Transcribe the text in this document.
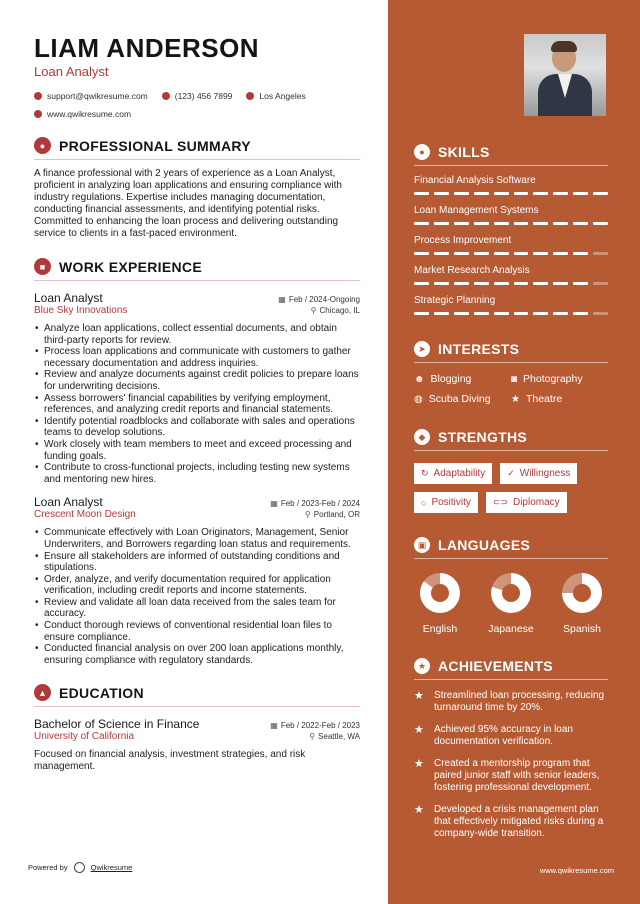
LIAM ANDERSON
Loan Analyst
support@qwikresume.com	(123) 456 7899	Los Angeles
www.qwikresume.com
● PROFESSIONAL SUMMARY

A finance professional with 2 years of experience as a Loan Analyst, proficient in analyzing loan applications and ensuring compliance with industry regulations. Expertise includes managing documentation, conducting financial assessments, and identifying potential risks. Committed to enhancing the loan process and delivering outstanding service to clients in a fast-paced environment.

■ WORK EXPERIENCE
Loan Analyst	▦ Feb / 2024-Ongoing
Blue Sky Innovations	⚲ Chicago, IL
• Analyze loan applications, collect essential documents, and obtain third-party reports for review.
• Process loan applications and communicate with customers to gather necessary documentation and address inquiries.
• Review and analyze documents against credit policies to prepare loans for underwriting decisions.
• Assess borrowers' financial capabilities by verifying employment, references, and analyzing credit reports and financial statements.
• Identify potential roadblocks and collaborate with sales and operations teams to develop solutions.
• Work closely with team members to meet and exceed processing and funding goals.
• Contribute to cross-functional projects, including testing new systems and mentoring new hires.
Loan Analyst	▦ Feb / 2023-Feb / 2024
Crescent Moon Design	⚲ Portland, OR
• Communicate effectively with Loan Originators, Management, Senior Underwriters, and Borrowers regarding loan status and requirements.
• Ensure all stakeholders are informed of outstanding conditions and stipulations.
• Order, analyze, and verify documentation required for application verification, including credit reports and income statements.
• Review and validate all loan data received from the sales team for accuracy.
• Conduct thorough reviews of conventional residential loan files to ensure compliance.
• Conducted financial analysis on over 200 loan applications monthly, ensuring compliance with regulatory standards.
▲ EDUCATION
Bachelor of Science in Finance	▦ Feb / 2022-Feb / 2023
University of California	⚲ Seattle, WA

Focused on financial analysis, investment strategies, and risk management.

Powered by	Qwikresume
● SKILLS
Financial Analysis Software
Loan Management Systems
Process Improvement
Market Research Analysis
Strategic Planning
➤ INTERESTS
☻ Blogging	◙ Photography
◍ Scuba Diving ★ Theatre
◆ STRENGTHS
↻ Adaptability ✓ Willingness
○ Positivity ⊂⊃ Diplomacy
▣ LANGUAGES
English	Japanese	Spanish
★ ACHIEVEMENTS
★ Streamlined loan processing, reducing turnaround time by 20%.
★ Achieved 95% accuracy in loan documentation verification.
★ Created a mentorship program that paired junior staff with senior leaders, fostering professional development.
★ Developed a crisis management plan that effectively mitigated risks during a company-wide transition.
www.qwikresume.com
